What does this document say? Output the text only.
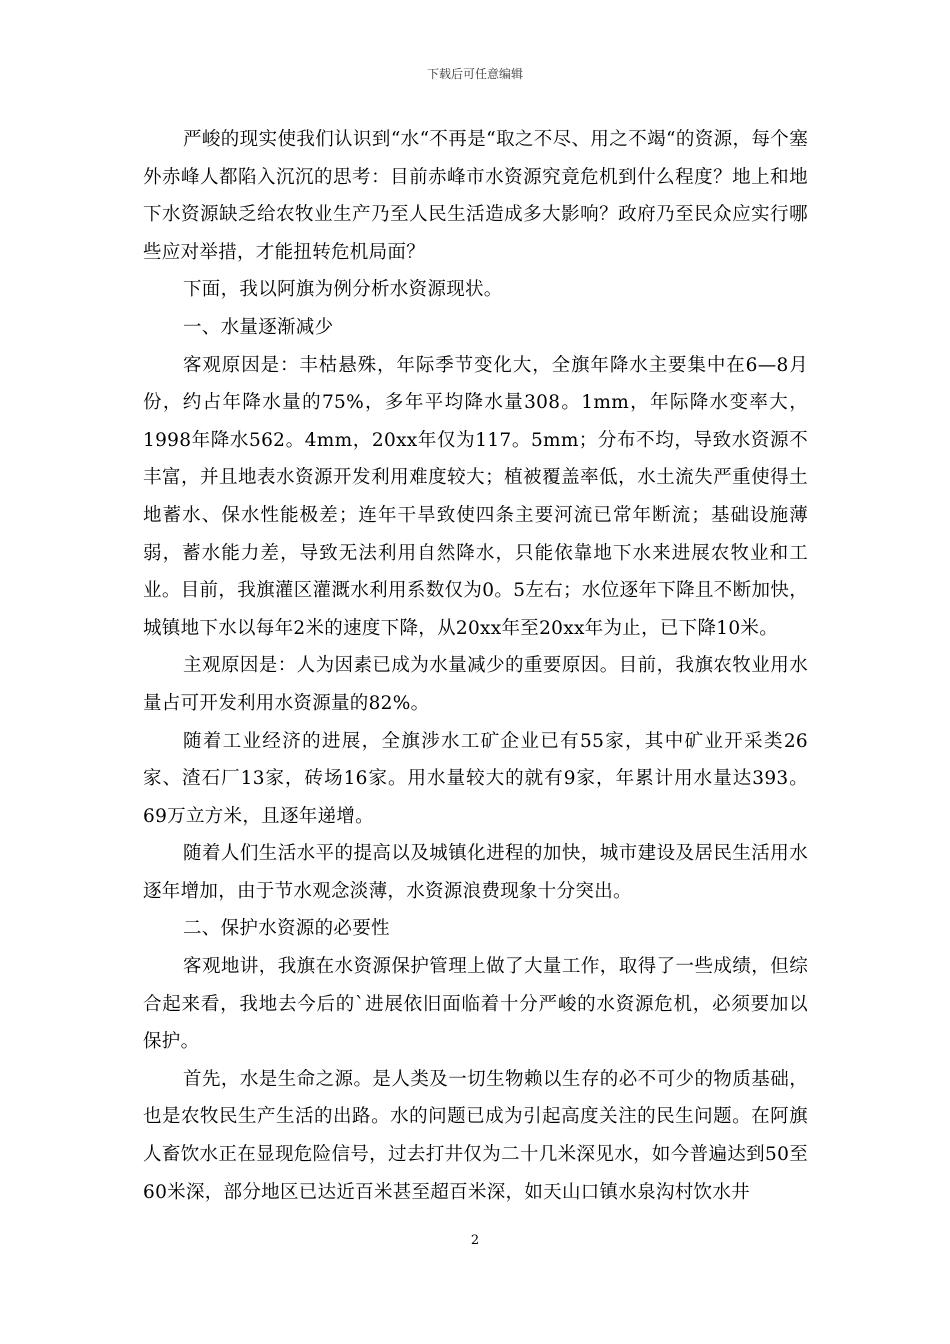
下载后可任意编辑

严峻的现实使我们认识到“水“不再是“取之不尽、用之不竭“的资源，每个塞外赤峰人都陷入沉沉的思考：目前赤峰市水资源究竟危机到什么程度？地上和地下水资源缺乏给农牧业生产乃至人民生活造成多大影响？政府乃至民众应实行哪些应对举措，才能扭转危机局面？

下面，我以阿旗为例分析水资源现状。

一、水量逐渐减少

客观原因是：丰枯悬殊，年际季节变化大，全旗年降水主要集中在6—8月份，约占年降水量的75%，多年平均降水量308。1mm，年际降水变率大，1998年降水562。4mm，20xx年仅为117。5mm；分布不均，导致水资源不丰富，并且地表水资源开发利用难度较大；植被覆盖率低，水土流失严重使得土地蓄水、保水性能极差；连年干旱致使四条主要河流已常年断流；基础设施薄弱，蓄水能力差，导致无法利用自然降水，只能依靠地下水来进展农牧业和工业。目前，我旗灌区灌溉水利用系数仅为0。5左右；水位逐年下降且不断加快，城镇地下水以每年2米的速度下降，从20xx年至20xx年为止，已下降10米。

主观原因是：人为因素已成为水量减少的重要原因。目前，我旗农牧业用水量占可开发利用水资源量的82%。

随着工业经济的进展，全旗涉水工矿企业已有55家，其中矿业开采类26家、渣石厂13家，砖场16家。用水量较大的就有9家，年累计用水量达393。69万立方米，且逐年递增。

随着人们生活水平的提高以及城镇化进程的加快，城市建设及居民生活用水逐年增加，由于节水观念淡薄，水资源浪费现象十分突出。

二、保护水资源的必要性

客观地讲，我旗在水资源保护管理上做了大量工作，取得了一些成绩，但综合起来看，我地去今后的`进展依旧面临着十分严峻的水资源危机，必须要加以保护。

首先，水是生命之源。是人类及一切生物赖以生存的必不可少的物质基础，也是农牧民生产生活的出路。水的问题已成为引起高度关注的民生问题。在阿旗人畜饮水正在显现危险信号，过去打井仅为二十几米深见水，如今普遍达到50至60米深，部分地区已达近百米甚至超百米深，如天山口镇水泉沟村饮水井

2
